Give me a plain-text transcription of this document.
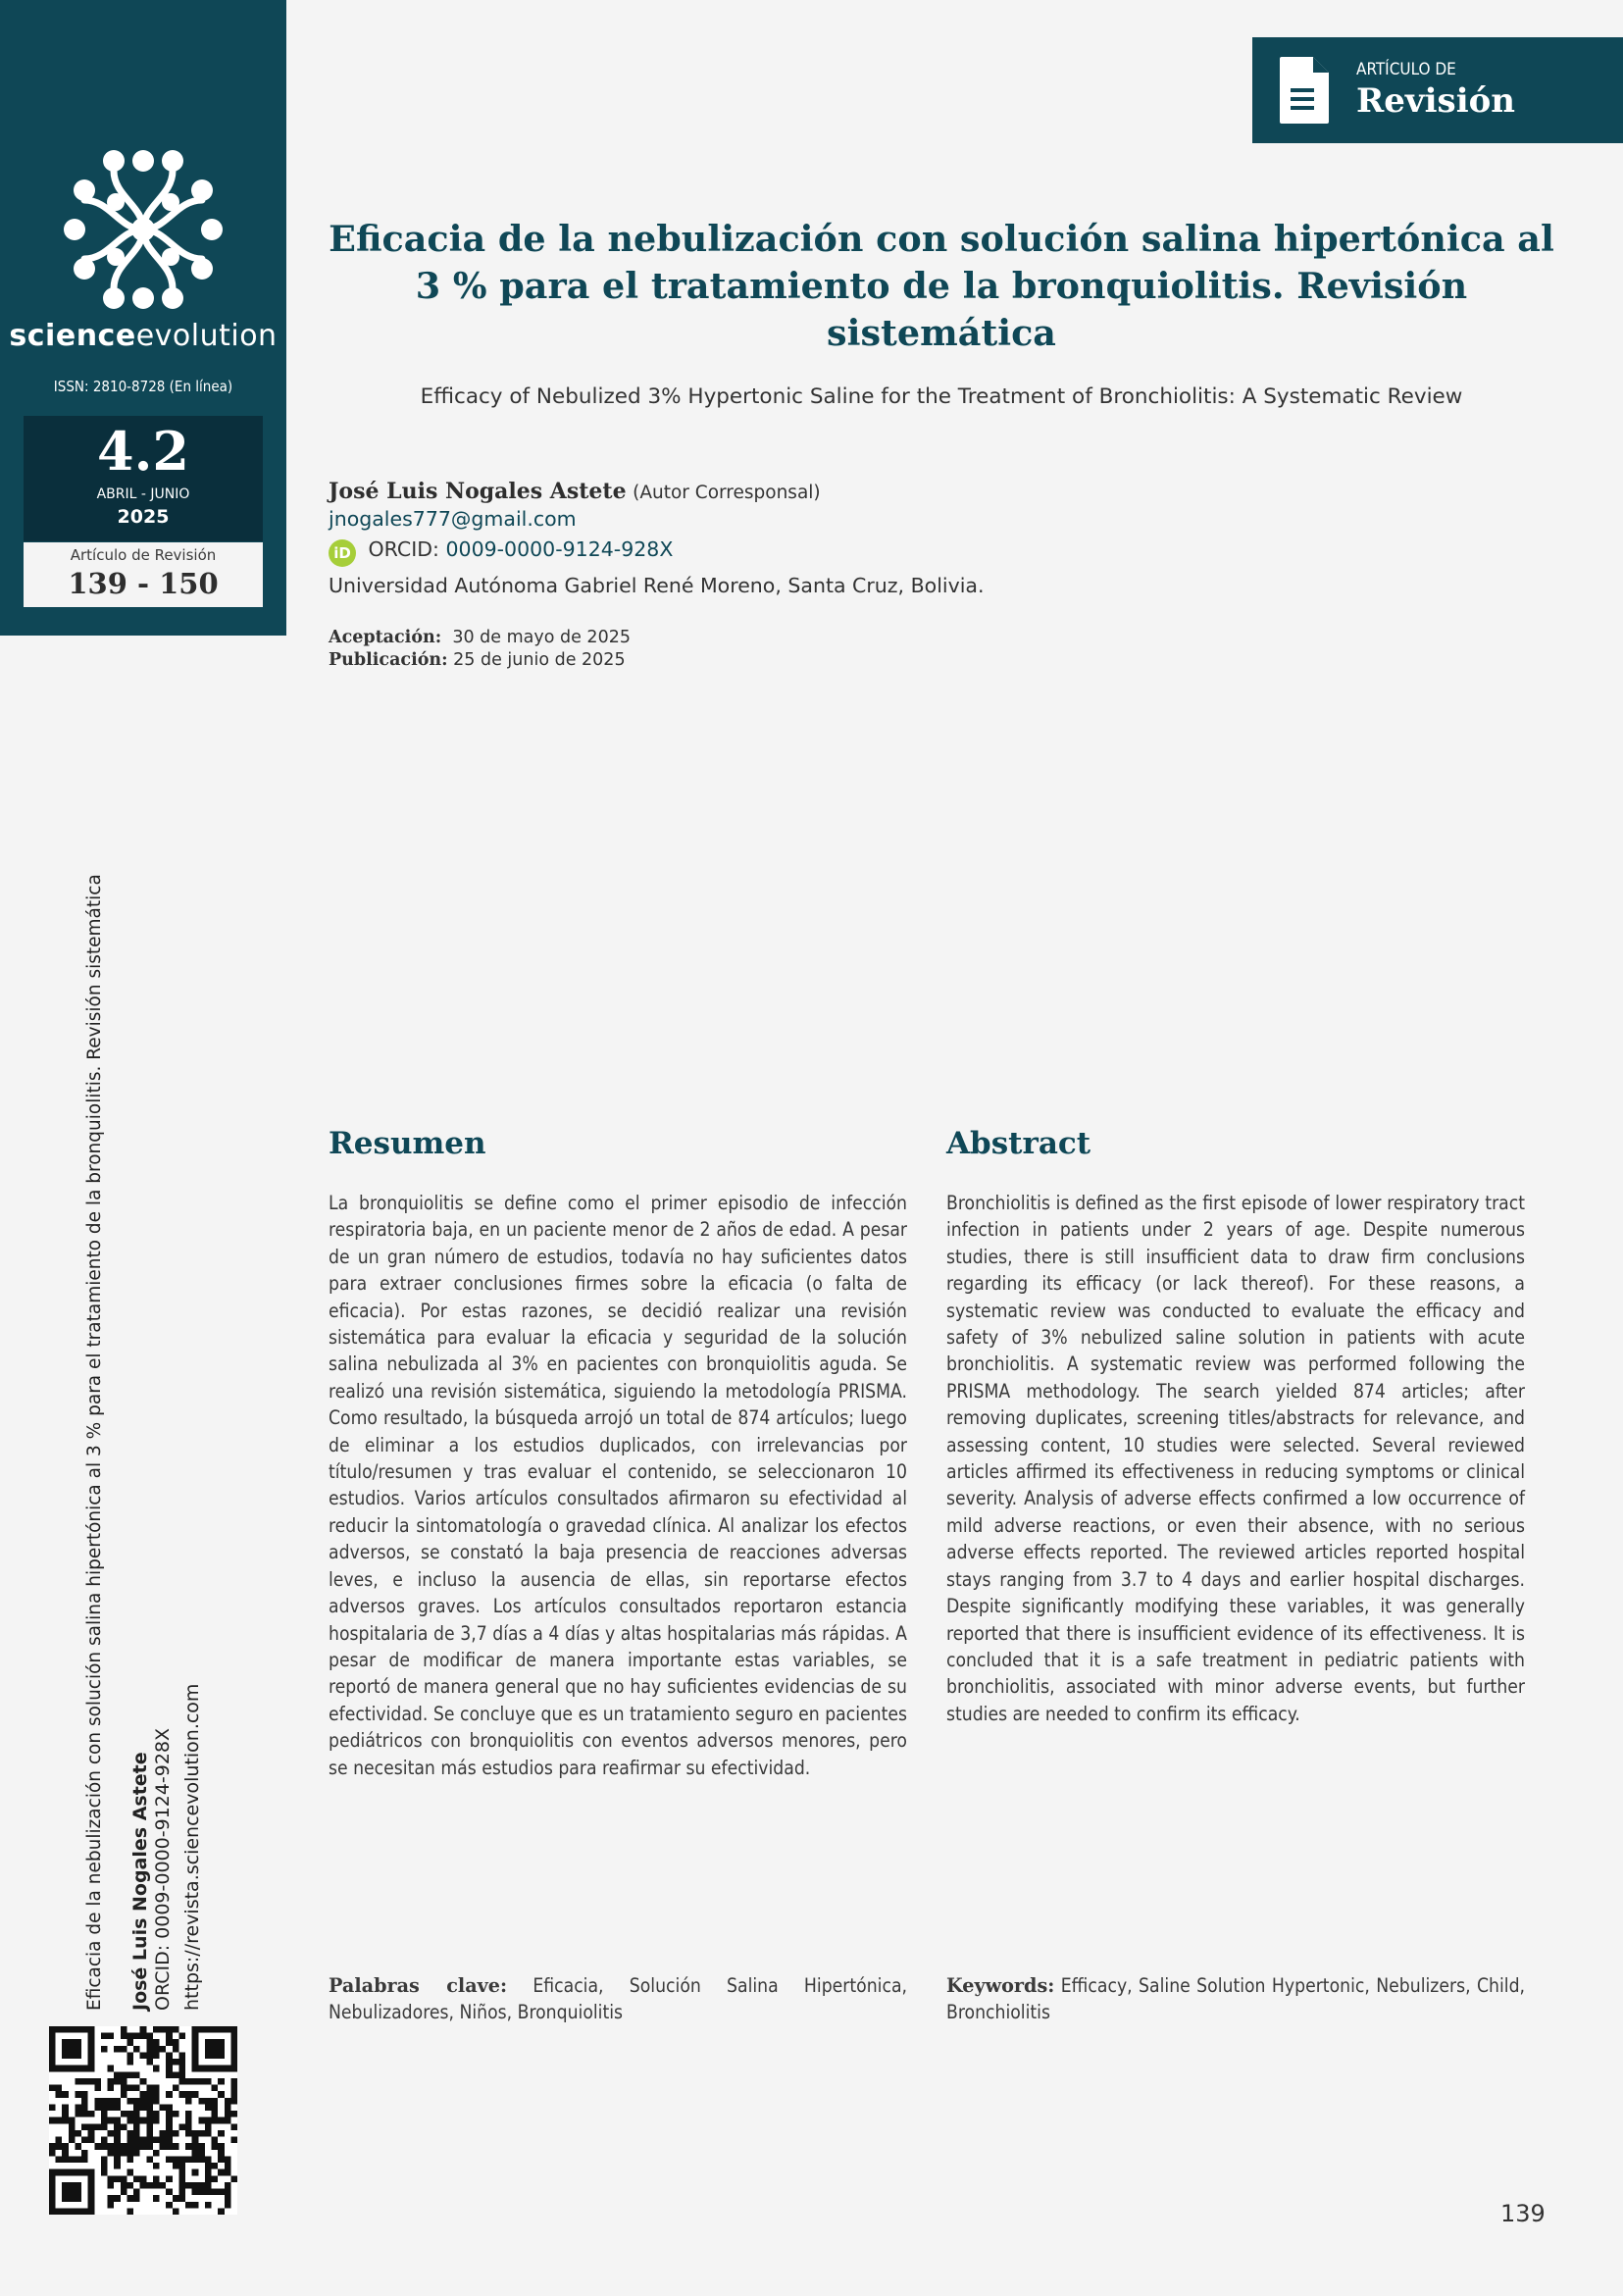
scienceevolution
ISSN: 2810-8728 (En línea)
4.2
ABRIL - JUNIO
2025
Artículo de Revisión
139 - 150
Eficacia de la nebulización con solución salina hipertónica al 3 % para el tratamiento de la bronquiolitis. Revisión sistemática José Luis Nogales Astete ORCID: 0009-0000-9124-928X https://revista.sciencevolution.com
ARTÍCULO DE
Revisión
Eficacia de la nebulización con solución salina hipertónica al 3 % para el tratamiento de la bronquiolitis. Revisión sistemática
Efficacy of Nebulized 3% Hypertonic Saline for the Treatment of Bronchiolitis: A Systematic Review
José Luis Nogales Astete (Autor Corresponsal)
jnogales777@gmail.com
iD ORCID: 0009-0000-9124-928X
Universidad Autónoma Gabriel René Moreno, Santa Cruz, Bolivia.
Aceptación: 30 de mayo de 2025
Publicación: 25 de junio de 2025
Resumen	Abstract
La bronquiolitis se define como el primer episodio de infección respiratoria baja, en un paciente menor de 2 años de edad. A pesar de un gran número de estudios, todavía no hay suficientes datos para extraer conclusiones firmes sobre la eficacia (o falta de eficacia). Por estas razones, se decidió realizar una revisión sistemática para evaluar la eficacia y seguridad de la solución salina nebulizada al 3% en pacientes con bronquiolitis aguda. Se realizó una revisión sistemática, siguiendo la metodología PRISMA. Como resultado, la búsqueda arrojó un total de 874 artículos; luego de eliminar a los estudios duplicados, con irrelevancias por título/resumen y tras evaluar el contenido, se seleccionaron 10 estudios. Varios artículos consultados afirmaron su efectividad al reducir la sintomatología o gravedad clínica. Al analizar los efectos adversos, se constató la baja presencia de reacciones adversas leves, e incluso la ausencia de ellas, sin reportarse efectos adversos graves. Los artículos consultados reportaron estancia hospitalaria de 3,7 días a 4 días y altas hospitalarias más rápidas. A pesar de modificar de manera importante estas variables, se reportó de manera general que no hay suficientes evidencias de su efectividad. Se concluye que es un tratamiento seguro en pacientes pediátricos con bronquiolitis con eventos adversos menores, pero se necesitan más estudios para reafirmar su efectividad.
Bronchiolitis is defined as the first episode of lower respiratory tract infection in patients under 2 years of age. Despite numerous studies, there is still insufficient data to draw firm conclusions regarding its efficacy (or lack thereof). For these reasons, a systematic review was conducted to evaluate the efficacy and safety of 3% nebulized saline solution in patients with acute bronchiolitis. A systematic review was performed following the PRISMA methodology. The search yielded 874 articles; after removing duplicates, screening titles/abstracts for relevance, and assessing content, 10 studies were selected. Several reviewed articles affirmed its effectiveness in reducing symptoms or clinical severity. Analysis of adverse effects confirmed a low occurrence of mild adverse reactions, or even their absence, with no serious adverse effects reported. The reviewed articles reported hospital stays ranging from 3.7 to 4 days and earlier hospital discharges. Despite significantly modifying these variables, it was generally reported that there is insufficient evidence of its effectiveness. It is concluded that it is a safe treatment in pediatric patients with bronchiolitis, associated with minor adverse events, but further studies are needed to confirm its efficacy.
Palabras clave: Eficacia, Solución Salina Hipertónica, Nebulizadores, Niños, Bronquiolitis
Keywords: Efficacy, Saline Solution Hypertonic, Nebulizers, Child, Bronchiolitis
139
